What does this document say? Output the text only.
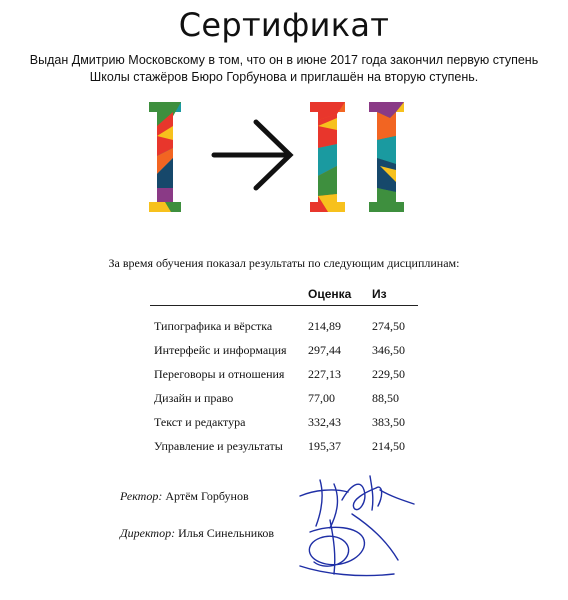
Сертификат
Выдан Дмитрию Московскому в том, что он в июне 2017 года закончил первую ступень
Школы стажёров Бюро Горбунова и приглашён на вторую ступень.
За время обучения показал результаты по следующим дисциплинам:
	Оценка	Из
Типографика и вёрстка	214,89	274,50
Интерфейс и информация	297,44	346,50
Переговоры и отношения	227,13	229,50
Дизайн и право	77,00	88,50
Текст и редактура	332,43	383,50
Управление и результаты	195,37	214,50
Ректор: Артём Горбунов
Директор: Илья Синельников
